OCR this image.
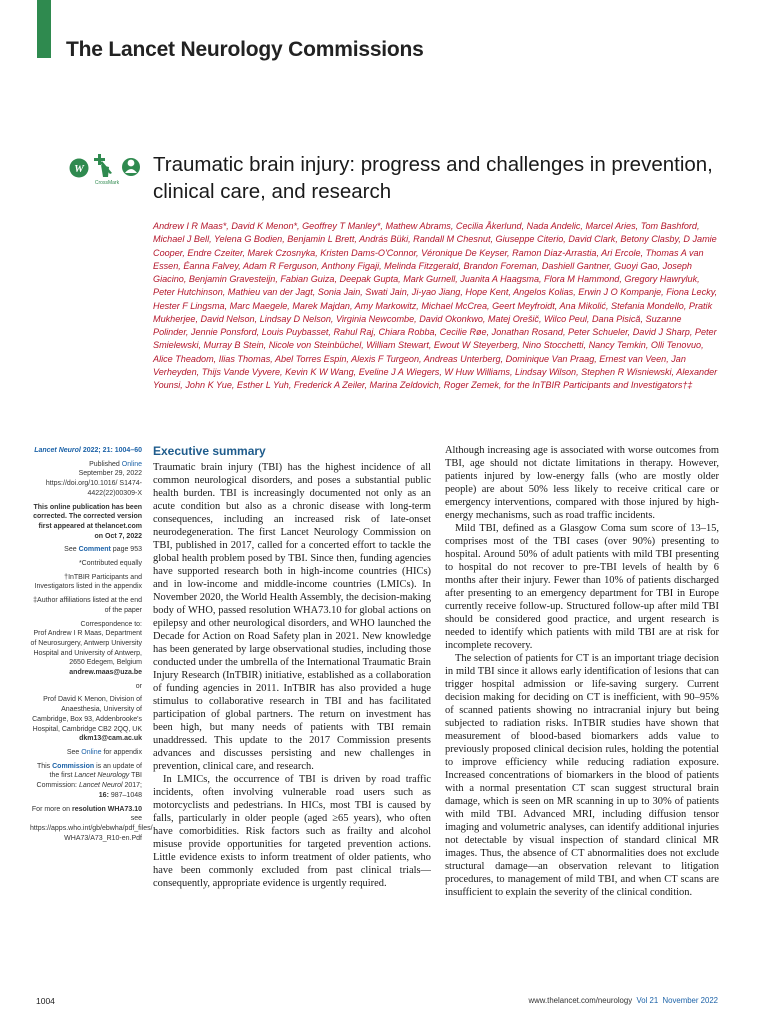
The Lancet Neurology Commissions
W
CrossMark
Traumatic brain injury: progress and challenges in prevention, clinical care, and research
Andrew I R Maas*, David K Menon*, Geoffrey T Manley*, Mathew Abrams, Cecilia Åkerlund, Nada Andelic, Marcel Aries, Tom Bashford, Michael J Bell, Yelena G Bodien, Benjamin L Brett, András Büki, Randall M Chesnut, Giuseppe Citerio, David Clark, Betony Clasby, D Jamie Cooper, Endre Czeiter, Marek Czosnyka, Kristen Dams-O'Connor, Véronique De Keyser, Ramon Diaz-Arrastia, Ari Ercole, Thomas A van Essen, Éanna Falvey, Adam R Ferguson, Anthony Figaji, Melinda Fitzgerald, Brandon Foreman, Dashiell Gantner, Guoyi Gao, Joseph Giacino, Benjamin Gravesteijn, Fabian Guiza, Deepak Gupta, Mark Gurnell, Juanita A Haagsma, Flora M Hammond, Gregory Hawryluk, Peter Hutchinson, Mathieu van der Jagt, Sonia Jain, Swati Jain, Ji-yao Jiang, Hope Kent, Angelos Kolias, Erwin J O Kompanje, Fiona Lecky, Hester F Lingsma, Marc Maegele, Marek Majdan, Amy Markowitz, Michael McCrea, Geert Meyfroidt, Ana Mikolić, Stefania Mondello, Pratik Mukherjee, David Nelson, Lindsay D Nelson, Virginia Newcombe, David Okonkwo, Matej Orešič, Wilco Peul, Dana Pisică, Suzanne Polinder, Jennie Ponsford, Louis Puybasset, Rahul Raj, Chiara Robba, Cecilie Røe, Jonathan Rosand, Peter Schueler, David J Sharp, Peter Smielewski, Murray B Stein, Nicole von Steinbüchel, William Stewart, Ewout W Steyerberg, Nino Stocchetti, Nancy Temkin, Olli Tenovuo, Alice Theadom, Ilias Thomas, Abel Torres Espin, Alexis F Turgeon, Andreas Unterberg, Dominique Van Praag, Ernest van Veen, Jan Verheyden, Thijs Vande Vyvere, Kevin K W Wang, Eveline J A Wiegers, W Huw Williams, Lindsay Wilson, Stephen R Wisniewski, Alexander Younsi, John K Yue, Esther L Yuh, Frederick A Zeiler, Marina Zeldovich, Roger Zemek, for the InTBIR Participants and Investigators†‡
Lancet Neurol 2022; 21: 1004–60
Published Online
September 29, 2022
https://doi.org/10.1016/ S1474-4422(22)00309-X
This online publication has been corrected. The corrected version first appeared at thelancet.com on Oct 7, 2022
See Comment page 953
*Contributed equally
†InTBIR Participants and Investigators listed in the appendix
‡Author affiliations listed at the end of the paper
Correspondence to:
Prof Andrew I R Maas, Department of Neurosurgery, Antwerp University Hospital and University of Antwerp, 2650 Edegem, Belgium
andrew.maas@uza.be
or
Prof David K Menon, Division of Anaesthesia, University of Cambridge, Box 93, Addenbrooke's Hospital, Cambridge CB2 2QQ, UK
dkm13@cam.ac.uk
See Online for appendix
This Commission is an update of the first Lancet Neurology TBI Commission: Lancet Neurol 2017; 16: 987–1048
For more on resolution WHA73.10 see https://apps.who.int/gb/ebwha/pdf_files/ WHA73/A73_R10-en.Pdf
Executive summary

Traumatic brain injury (TBI) has the highest incidence of all common neurological disorders, and poses a substantial public health burden. TBI is increasingly documented not only as an acute condition but also as a chronic disease with long-term consequences, including an increased risk of late-onset neurodegeneration. The first Lancet Neurology Commission on TBI, published in 2017, called for a concerted effort to tackle the global health problem posed by TBI. Since then, funding agencies have supported research both in high-income countries (HICs) and in low-income and middle-income countries (LMICs). In November 2020, the World Health Assembly, the decision-making body of WHO, passed resolution WHA73.10 for global actions on epilepsy and other neurological disorders, and WHO launched the Decade for Action on Road Safety plan in 2021. New knowledge has been generated by large observational studies, including those conducted under the umbrella of the International Traumatic Brain Injury Research (InTBIR) initiative, established as a collaboration of funding agencies in 2011. InTBIR has also provided a huge stimulus to collaborative research in TBI and has facilitated participation of global partners. The return on investment has been high, but many needs of patients with TBI remain unaddressed. This update to the 2017 Commission presents advances and discusses persisting and new challenges in prevention, clinical care, and research.

In LMICs, the occurrence of TBI is driven by road traffic incidents, often involving vulnerable road users such as motorcyclists and pedestrians. In HICs, most TBI is caused by falls, particularly in older people (aged ≥65 years), who often have comorbidities. Risk factors such as frailty and alcohol misuse provide opportunities for targeted prevention actions. Little evidence exists to inform treatment of older patients, who have been commonly excluded from past clinical trials—consequently, appropriate evidence is urgently required.

Although increasing age is associated with worse outcomes from TBI, age should not dictate limitations in therapy. However, patients injured by low-energy falls (who are mostly older people) are about 50% less likely to receive critical care or emergency interventions, compared with those injured by high-energy mechanisms, such as road traffic incidents.

Mild TBI, defined as a Glasgow Coma sum score of 13–15, comprises most of the TBI cases (over 90%) presenting to hospital. Around 50% of adult patients with mild TBI presenting to hospital do not recover to pre-TBI levels of health by 6 months after their injury. Fewer than 10% of patients discharged after presenting to an emergency department for TBI in Europe currently receive follow-up. Structured follow-up after mild TBI should be considered good practice, and urgent research is needed to identify which patients with mild TBI are at risk for incomplete recovery.

The selection of patients for CT is an important triage decision in mild TBI since it allows early identification of lesions that can trigger hospital admission or life-saving surgery. Current decision making for deciding on CT is inefficient, with 90–95% of scanned patients showing no intracranial injury but being subjected to radiation risks. InTBIR studies have shown that measurement of blood-based biomarkers adds value to previously proposed clinical decision rules, holding the potential to improve efficiency while reducing radiation exposure. Increased concentrations of biomarkers in the blood of patients with a normal presentation CT scan suggest structural brain damage, which is seen on MR scanning in up to 30% of patients with mild TBI. Advanced MRI, including diffusion tensor imaging and volumetric analyses, can identify additional injuries not detectable by visual inspection of standard clinical MR images. Thus, the absence of CT abnormalities does not exclude structural damage—an observation relevant to litigation procedures, to management of mild TBI, and when CT scans are insufficient to explain the severity of the clinical condition.

1004	www.thelancet.com/neurology Vol 21 November 2022
